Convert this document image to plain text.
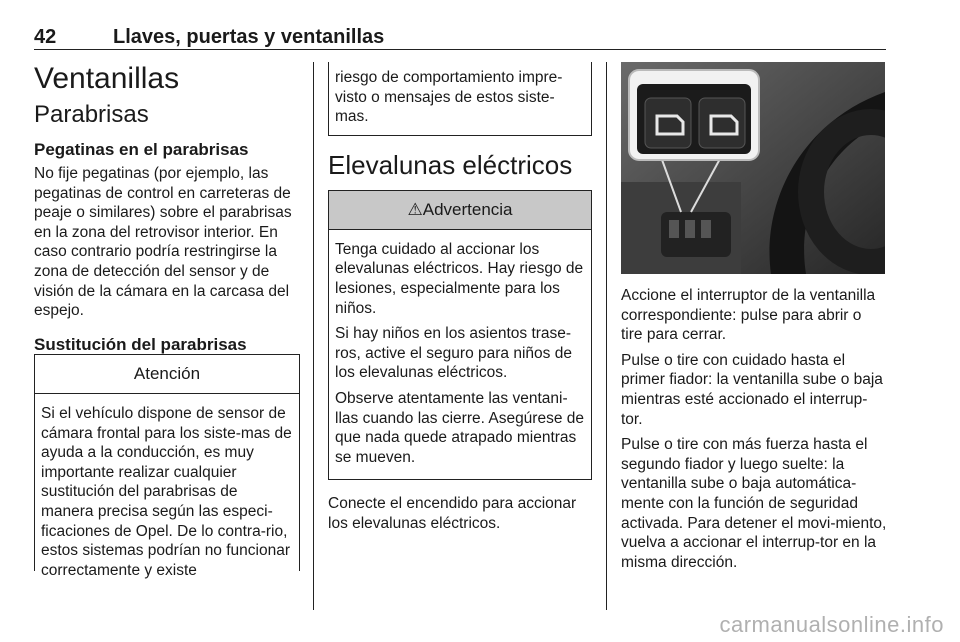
42	Llaves, puertas y ventanillas
Ventanillas
Parabrisas
Pegatinas en el parabrisas

No fije pegatinas (por ejemplo, las pegatinas de control en carreteras de peaje o similares) sobre el parabrisas en la zona del retrovisor interior. En caso contrario podría restringirse la zona de detección del sensor y de visión de la cámara en la carcasa del espejo.

Sustitución del parabrisas
Atención

Si el vehículo dispone de sensor de cámara frontal para los siste-mas de ayuda a la conducción, es muy importante realizar cualquier sustitución del parabrisas de manera precisa según las especi-ficaciones de Opel. De lo contra-rio, estos sistemas podrían no funcionar correctamente y existe

riesgo de comportamiento impre-visto o mensajes de estos siste-mas.

Elevalunas eléctricos
⚠Advertencia

Tenga cuidado al accionar los elevalunas eléctricos. Hay riesgo de lesiones, especialmente para los niños.

Si hay niños en los asientos trase-ros, active el seguro para niños de los elevalunas eléctricos.

Observe atentamente las ventani-llas cuando las cierre. Asegúrese de que nada quede atrapado mientras se mueven.

Conecte el encendido para accionar los elevalunas eléctricos.

Accione el interruptor de la ventanilla correspondiente: pulse para abrir o tire para cerrar.

Pulse o tire con cuidado hasta el primer fiador: la ventanilla sube o baja mientras esté accionado el interrup-tor.

Pulse o tire con más fuerza hasta el segundo fiador y luego suelte: la ventanilla sube o baja automática-mente con la función de seguridad activada. Para detener el movi-miento, vuelva a accionar el interrup-tor en la misma dirección.

carmanualsonline.info
